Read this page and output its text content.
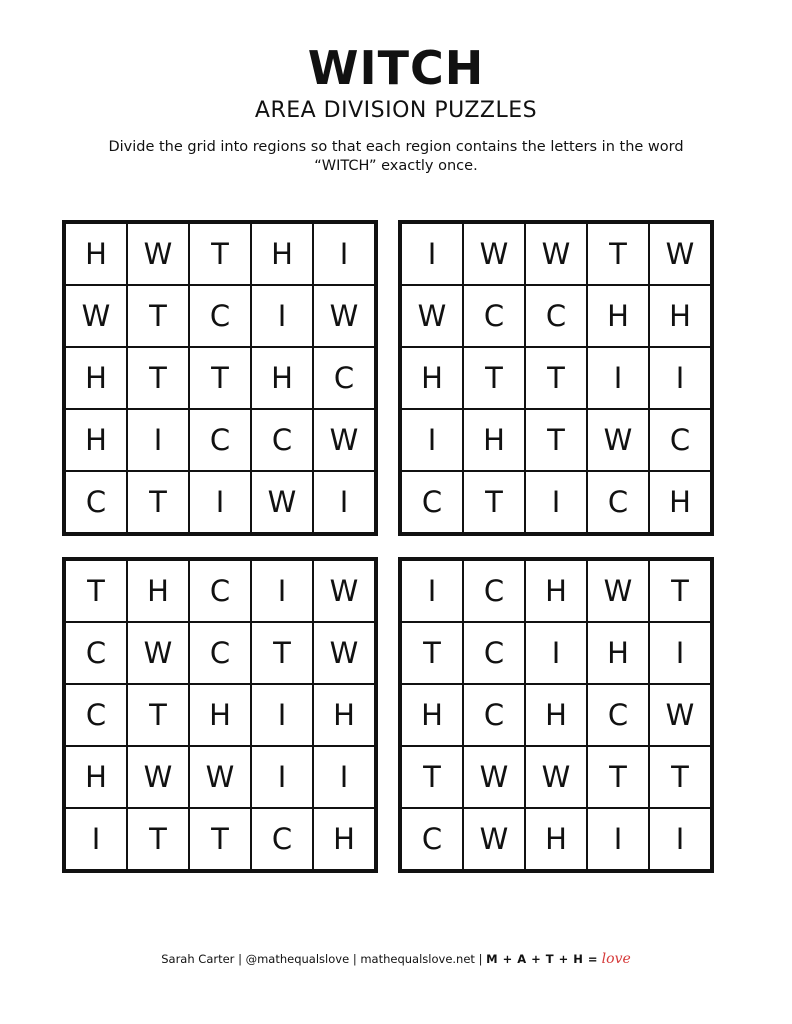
WITCH
AREA DIVISION PUZZLES
Divide the grid into regions so that each region contains the letters in the word “WITCH” exactly once.
H	W	T	H	I
W	T	C	I	W
H	T	T	H	C
H	I	C	C	W
C	T	I	W	I
I	W	W	T	W
W	C	C	H	H
H	T	T	I	I
I	H	T	W	C
C	T	I	C	H
T	H	C	I	W
C	W	C	T	W
C	T	H	I	H
H	W	W	I	I
I	T	T	C	H
I	C	H	W	T
T	C	I	H	I
H	C	H	C	W
T	W	W	T	T
C	W	H	I	I
Sarah Carter | @mathequalslove | mathequalslove.net | M + A + T + H = love
